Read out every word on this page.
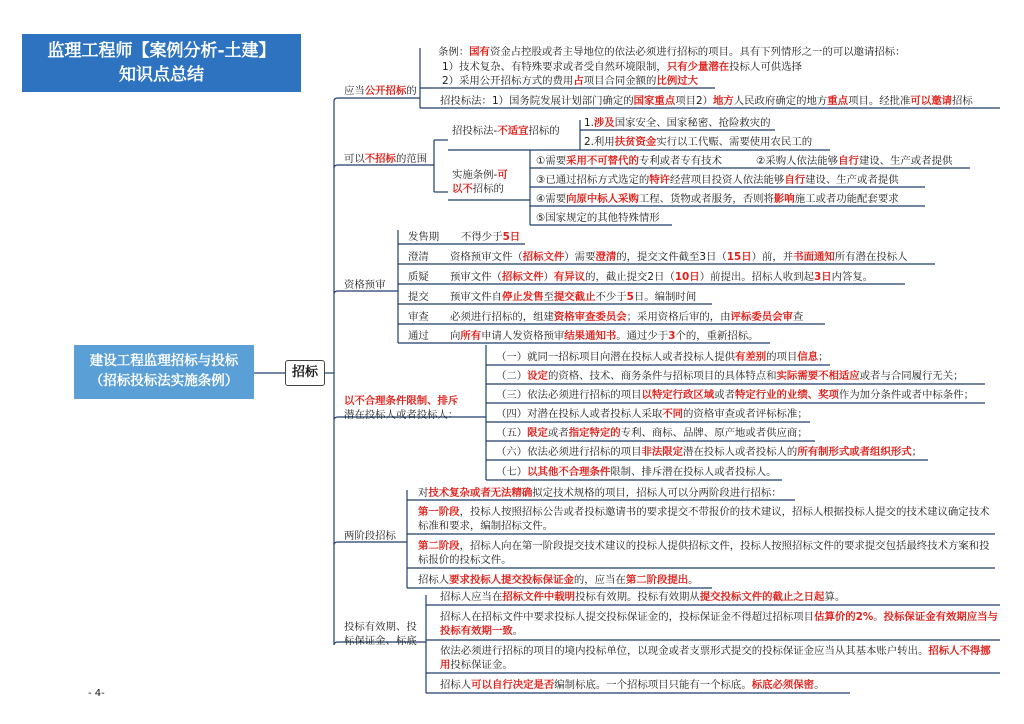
监理工程师【案例分析-土建】
知识点总结
建设工程监理招标与投标
（招标投标法实施条例）
招标
应当公开招标的
条例：国有资金占控股或者主导地位的依法必须进行招标的项目。具有下列情形之一的可以邀请招标：
1）技术复杂、有特殊要求或者受自然环境限制，只有少量潜在投标人可供选择
2）采用公开招标方式的费用占项目合同金额的比例过大
招投标法：1）国务院发展计划部门确定的国家重点项目2）地方人民政府确定的地方重点项目。经批准可以邀请招标
可以不招标的范围
招投标法-不适宜招标的
1.涉及国家安全、国家秘密、抢险救灾的
2.利用扶贫资金实行以工代赈、需要使用农民工的
实施条例-可
以不招标的
①需要采用不可替代的专利或者专有技术	②采购人依法能够自行建设、生产或者提供
③已通过招标方式选定的特许经营项目投资人依法能够自行建设、生产或者提供
④需要向原中标人采购工程、货物或者服务，否则将影响施工或者功能配套要求
⑤国家规定的其他特殊情形
资格预审
发售期 不得少于5日
澄清 资格预审文件（招标文件）需要澄清的，提交文件截至3日（15日）前，并书面通知所有潜在投标人
质疑 预审文件（招标文件）有异议的，截止提交2日（10日）前提出。招标人收到起3日内答复。
提交 预审文件自停止发售至提交截止不少于5日。编制时间
审查 必须进行招标的，组建资格审查委员会；采用资格后审的，由评标委员会审查
通过 向所有申请人发资格预审结果通知书。通过少于3个的，重新招标。
以不合理条件限制、排斥
潜在投标人或者投标人：
（一）就同一招标项目向潜在投标人或者投标人提供有差别的项目信息；
（二）设定的资格、技术、商务条件与招标项目的具体特点和实际需要不相适应或者与合同履行无关；
（三）依法必须进行招标的项目以特定行政区域或者特定行业的业绩、奖项作为加分条件或者中标条件；
（四）对潜在投标人或者投标人采取不同的资格审查或者评标标准；
（五）限定或者指定特定的专利、商标、品牌、原产地或者供应商；
（六）依法必须进行招标的项目非法限定潜在投标人或者投标人的所有制形式或者组织形式；
（七）以其他不合理条件限制、排斥潜在投标人或者投标人。
两阶段招标
对技术复杂或者无法精确拟定技术规格的项目，招标人可以分两阶段进行招标：
第一阶段，投标人按照招标公告或者投标邀请书的要求提交不带报价的技术建议，招标人根据投标人提交的技术建议确定技术标准和要求，编制招标文件。
第二阶段，招标人向在第一阶段提交技术建议的投标人提供招标文件，投标人按照招标文件的要求提交包括最终技术方案和投标报价的投标文件。
招标人要求投标人提交投标保证金的，应当在第二阶段提出。
投标有效期、投
标保证金、标底
招标人应当在招标文件中载明投标有效期。投标有效期从提交投标文件的截止之日起算。
招标人在招标文件中要求投标人提交投标保证金的，投标保证金不得超过招标项目估算价的2%。投标保证金有效期应当与投标有效期一致。
依法必须进行招标的项目的境内投标单位，以现金或者支票形式提交的投标保证金应当从其基本账户转出。招标人不得挪用投标保证金。
招标人可以自行决定是否编制标底。一个招标项目只能有一个标底。标底必须保密。
- 4-
